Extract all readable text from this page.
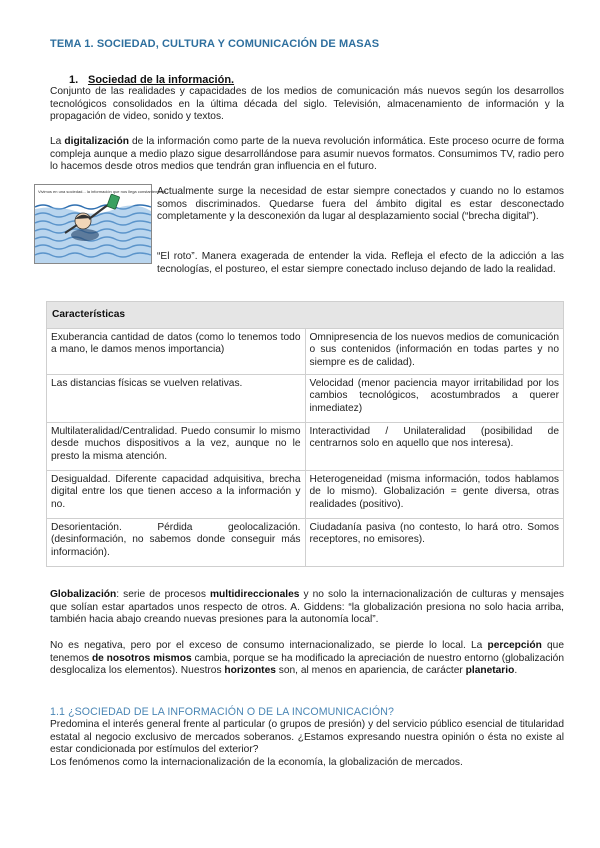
TEMA 1. SOCIEDAD, CULTURA Y COMUNICACIÓN DE MASAS
1. Sociedad de la información.
Conjunto de las realidades y capacidades de los medios de comunicación más nuevos según los desarrollos tecnológicos consolidados en la última década del siglo. Televisión, almacenamiento de información y la propagación de video, sonido y textos.
La digitalización de la información como parte de la nueva revolución informática. Este proceso ocurre de forma compleja aunque a medio plazo sigue desarrollándose para asumir nuevos formatos. Consumimos TV, radio pero lo hacemos desde otros medios que tendrán gran influencia en el futuro.
Vivimos en una sociedad... la información que nos llega constantemente
Actualmente surge la necesidad de estar siempre conectados y cuando no lo estamos somos discriminados. Quedarse fuera del ámbito digital es estar desconectado completamente y la desconexión da lugar al desplazamiento social (“brecha digital”).
“El roto”. Manera exagerada de entender la vida. Refleja el efecto de la adicción a las tecnologías, el postureo, el estar siempre conectado incluso dejando de lado la realidad.
Características	
Exuberancia cantidad de datos (como lo tenemos todo a mano, le damos menos importancia)	Omnipresencia de los nuevos medios de comunicación o sus contenidos (información en todas partes y no siempre es de calidad).
Las distancias físicas se vuelven relativas.	Velocidad (menor paciencia mayor irritabilidad por los cambios tecnológicos, acostumbrados a querer inmediatez)
Multilateralidad/Centralidad. Puedo consumir lo mismo desde muchos dispositivos a la vez, aunque no le presto la misma atención.	Interactividad / Unilateralidad (posibilidad de centrarnos solo en aquello que nos interesa).
Desigualdad. Diferente capacidad adquisitiva, brecha digital entre los que tienen acceso a la información y no.	Heterogeneidad (misma información, todos hablamos de lo mismo). Globalización = gente diversa, otras realidades (positivo).
Desorientación. Pérdida geolocalización. (desinformación, no sabemos donde conseguir más información).	Ciudadanía pasiva (no contesto, lo hará otro. Somos receptores, no emisores).
Globalización: serie de procesos multidireccionales y no solo la internacionalización de culturas y mensajes que solían estar apartados unos respecto de otros. A. Giddens: “la globalización presiona no solo hacia arriba, también hacia abajo creando nuevas presiones para la autonomía local”.
No es negativa, pero por el exceso de consumo internacionalizado, se pierde lo local. La percepción que tenemos de nosotros mismos cambia, porque se ha modificado la apreciación de nuestro entorno (globalización desglocaliza los elementos). Nuestros horizontes son, al menos en apariencia, de carácter planetario.
1.1 ¿SOCIEDAD DE LA INFORMACIÓN O DE LA INCOMUNICACIÓN?
Predomina el interés general frente al particular (o grupos de presión) y del servicio público esencial de titularidad estatal al negocio exclusivo de mercados soberanos. ¿Estamos expresando nuestra opinión o ésta no existe al estar condicionada por estímulos del exterior?
Los fenómenos como la internacionalización de la economía, la globalización de mercados.
